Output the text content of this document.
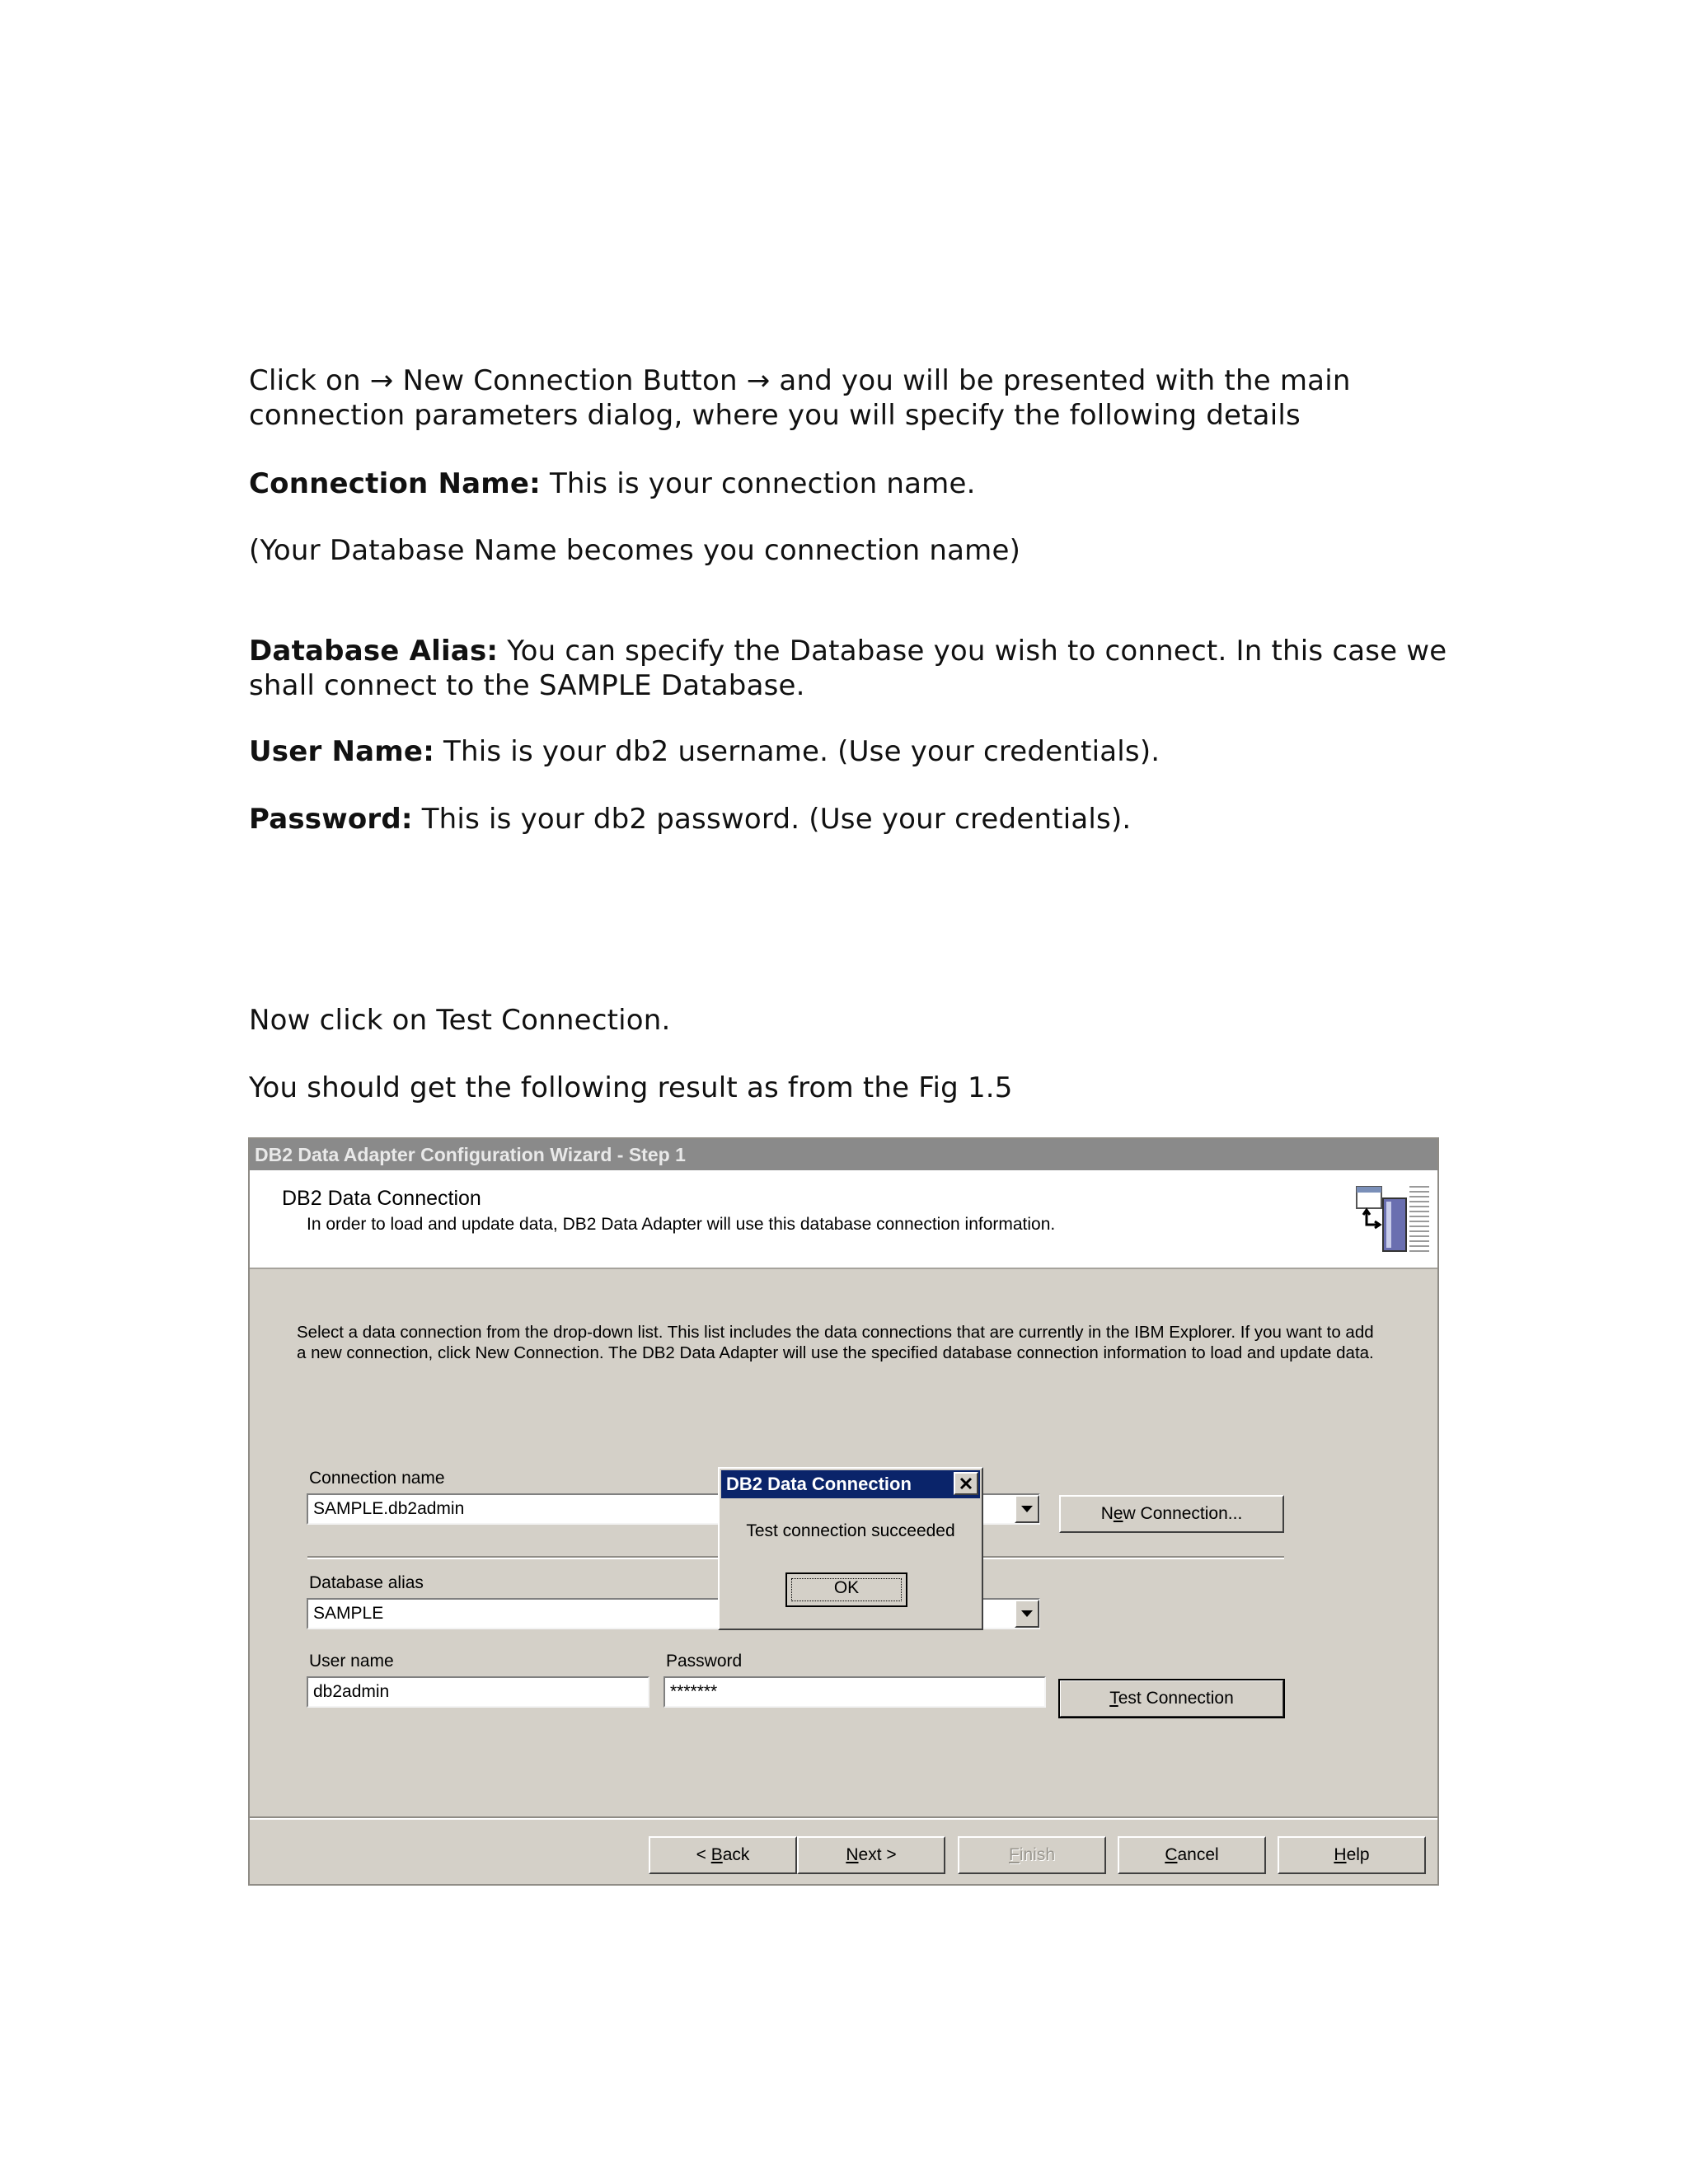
Click on → New Connection Button → and you will be presented with the main

connection parameters dialog, where you will specify the following details

Connection Name: This is your connection name.

(Your Database Name becomes you connection name)

Database Alias: You can specify the Database you wish to connect. In this case we

shall connect to the SAMPLE Database.

User Name: This is your db2 username. (Use your credentials).

Password: This is your db2 password. (Use your credentials).

Now click on Test Connection.

You should get the following result as from the Fig 1.5

DB2 Data Adapter Configuration Wizard - Step 1
DB2 Data Connection
In order to load and update data, DB2 Data Adapter will use this database connection information.
Select a data connection from the drop-down list. This list includes the data connections that are currently in the IBM Explorer. If you want to add a new connection, click New Connection. The DB2 Data Adapter will use the specified database connection information to load and update data.
Connection name
SAMPLE.db2admin	New Connection...
Database alias
SAMPLE
User name
db2admin
Password
*******	Test Connection
< Back	Next >	Finish	Cancel	Help
DB2 Data Connection
Test connection succeeded
OK
